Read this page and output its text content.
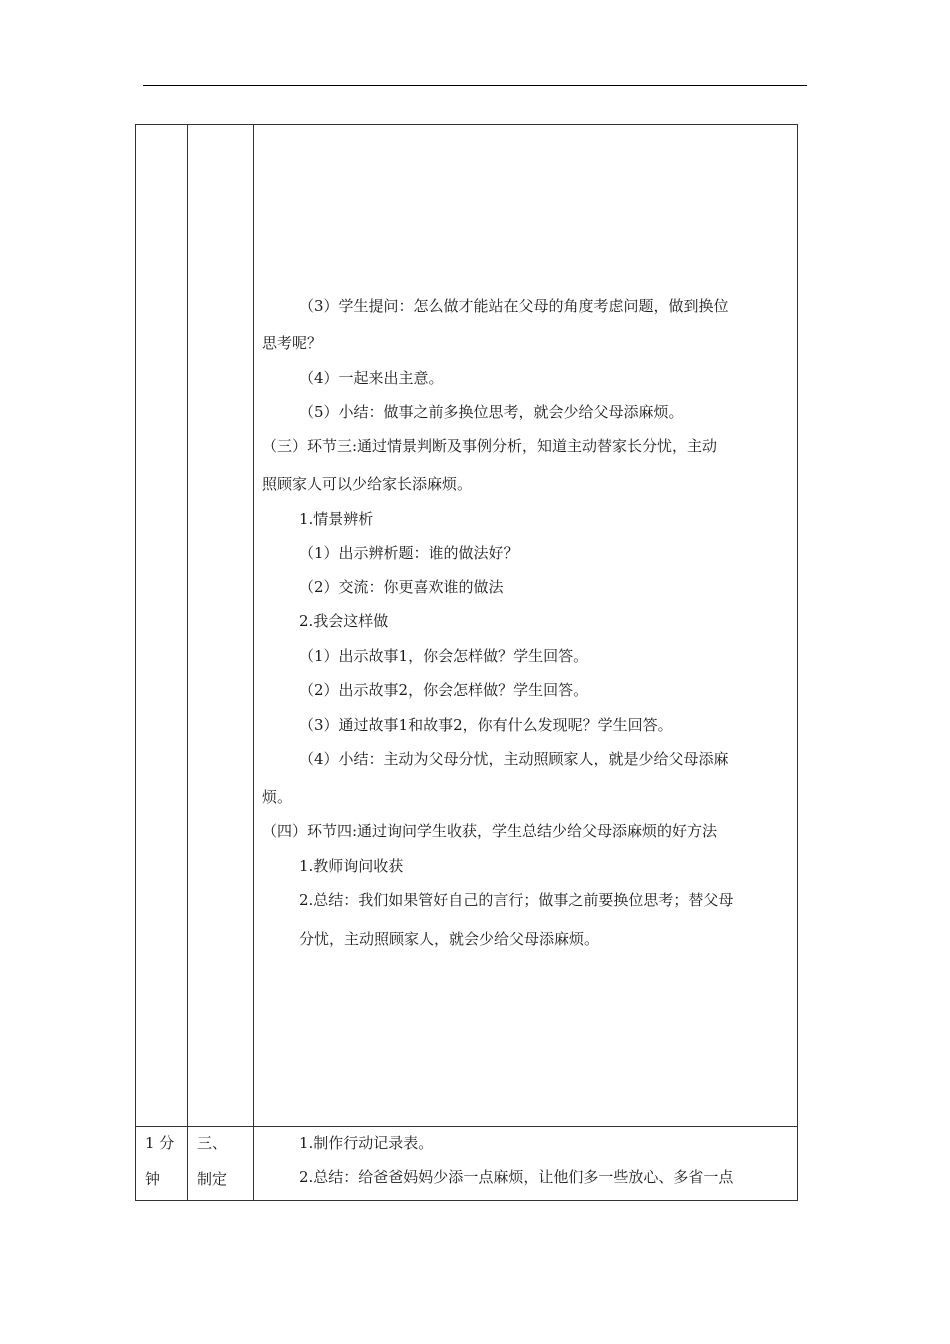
（3）学生提问：怎么做才能站在父母的角度考虑问题，做到换位
思考呢？
（4）一起来出主意。
（5）小结：做事之前多换位思考，就会少给父母添麻烦。
（三）环节三:通过情景判断及事例分析，知道主动替家长分忧，主动
照顾家人可以少给家长添麻烦。
1.情景辨析
（1）出示辨析题：谁的做法好？
（2）交流：你更喜欢谁的做法
2.我会这样做
（1）出示故事1，你会怎样做？学生回答。
（2）出示故事2，你会怎样做？学生回答。
（3）通过故事1和故事2，你有什么发现呢？学生回答。
（4）小结：主动为父母分忧，主动照顾家人，就是少给父母添麻
烦。
（四）环节四:通过询问学生收获，学生总结少给父母添麻烦的好方法
1.教师询问收获
2.总结：我们如果管好自己的言行；做事之前要换位思考；替父母
分忧，主动照顾家人，就会少给父母添麻烦。
1 分
钟
三、
制定
1.制作行动记录表。
2.总结：给爸爸妈妈少添一点麻烦，让他们多一些放心、多省一点
